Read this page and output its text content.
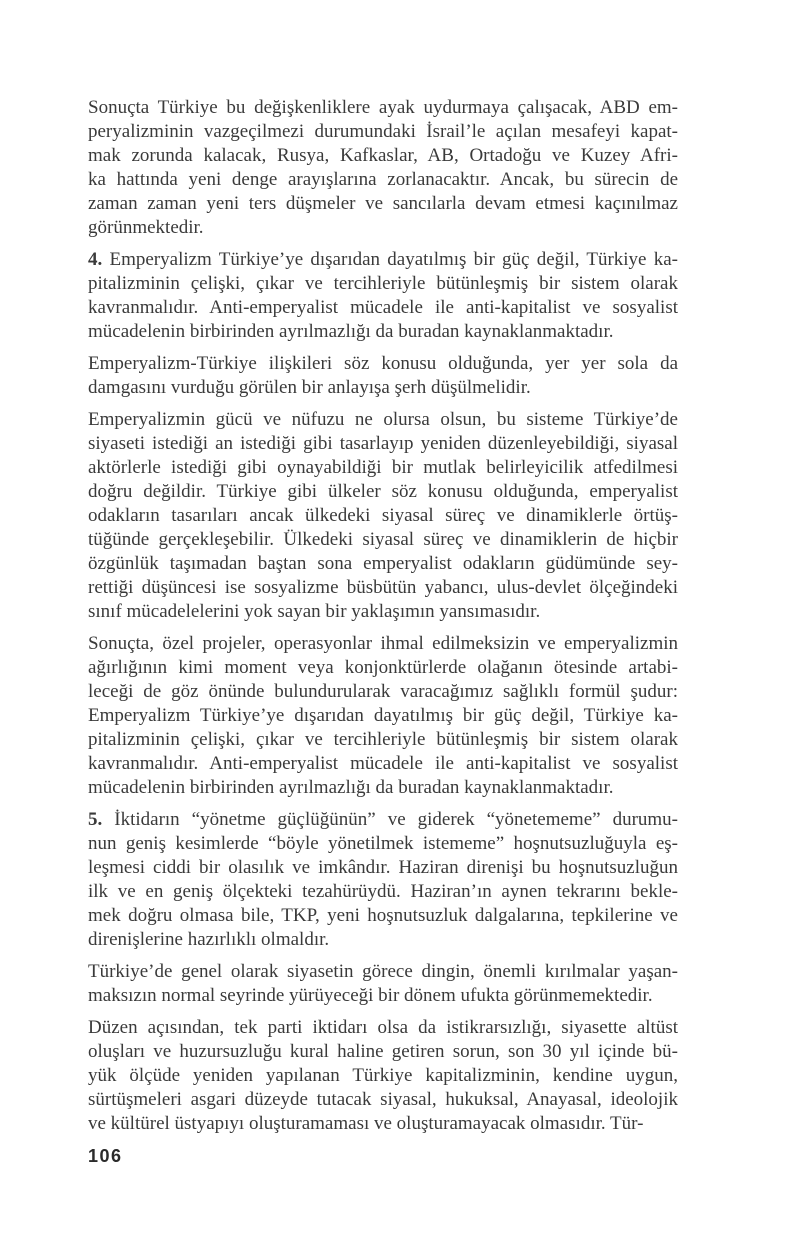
Sonuçta Türkiye bu değişkenliklere ayak uydurmaya çalışacak, ABD em-
peryalizminin vazgeçilmezi durumundaki İsrail’le açılan mesafeyi kapat-
mak zorunda kalacak, Rusya, Kafkaslar, AB, Ortadoğu ve Kuzey Afri-
ka hattında yeni denge arayışlarına zorlanacaktır. Ancak, bu sürecin de
zaman zaman yeni ters düşmeler ve sancılarla devam etmesi kaçınılmaz
görünmektedir.

4. Emperyalizm Türkiye’ye dışarıdan dayatılmış bir güç değil, Türkiye ka-
pitalizminin çelişki, çıkar ve tercihleriyle bütünleşmiş bir sistem olarak
kavranmalıdır. Anti-emperyalist mücadele ile anti-kapitalist ve sosyalist
mücadelenin birbirinden ayrılmazlığı da buradan kaynaklanmaktadır.

Emperyalizm-Türkiye ilişkileri söz konusu olduğunda, yer yer sola da
damgasını vurduğu görülen bir anlayışa şerh düşülmelidir.

Emperyalizmin gücü ve nüfuzu ne olursa olsun, bu sisteme Türkiye’de
siyaseti istediği an istediği gibi tasarlayıp yeniden düzenleyebildiği, siyasal
aktörlerle istediği gibi oynayabildiği bir mutlak belirleyicilik atfedilmesi
doğru değildir. Türkiye gibi ülkeler söz konusu olduğunda, emperyalist
odakların tasarıları ancak ülkedeki siyasal süreç ve dinamiklerle örtüş-
tüğünde gerçekleşebilir. Ülkedeki siyasal süreç ve dinamiklerin de hiçbir
özgünlük taşımadan baştan sona emperyalist odakların güdümünde sey-
rettiği düşüncesi ise sosyalizme büsbütün yabancı, ulus-devlet ölçeğindeki
sınıf mücadelelerini yok sayan bir yaklaşımın yansımasıdır.

Sonuçta, özel projeler, operasyonlar ihmal edilmeksizin ve emperyalizmin
ağırlığının kimi moment veya konjonktürlerde olağanın ötesinde artabi-
leceği de göz önünde bulundurularak varacağımız sağlıklı formül şudur:
Emperyalizm Türkiye’ye dışarıdan dayatılmış bir güç değil, Türkiye ka-
pitalizminin çelişki, çıkar ve tercihleriyle bütünleşmiş bir sistem olarak
kavranmalıdır. Anti-emperyalist mücadele ile anti-kapitalist ve sosyalist
mücadelenin birbirinden ayrılmazlığı da buradan kaynaklanmaktadır.

5. İktidarın “yönetme güçlüğünün” ve giderek “yönetememe” durumu-
nun geniş kesimlerde “böyle yönetilmek istememe” hoşnutsuzluğuyla eş-
leşmesi ciddi bir olasılık ve imkândır. Haziran direnişi bu hoşnutsuzluğun
ilk ve en geniş ölçekteki tezahürüydü. Haziran’ın aynen tekrarını bekle-
mek doğru olmasa bile, TKP, yeni hoşnutsuzluk dalgalarına, tepkilerine ve
direnişlerine hazırlıklı olmaldır.

Türkiye’de genel olarak siyasetin görece dingin, önemli kırılmalar yaşan-
maksızın normal seyrinde yürüyeceği bir dönem ufukta görünmemektedir.

Düzen açısından, tek parti iktidarı olsa da istikrarsızlığı, siyasette altüst
oluşları ve huzursuzluğu kural haline getiren sorun, son 30 yıl içinde bü-
yük ölçüde yeniden yapılanan Türkiye kapitalizminin, kendine uygun,
sürtüşmeleri asgari düzeyde tutacak siyasal, hukuksal, Anayasal, ideolojik
ve kültürel üstyapıyı oluşturamaması ve oluşturamayacak olmasıdır. Tür-

106
